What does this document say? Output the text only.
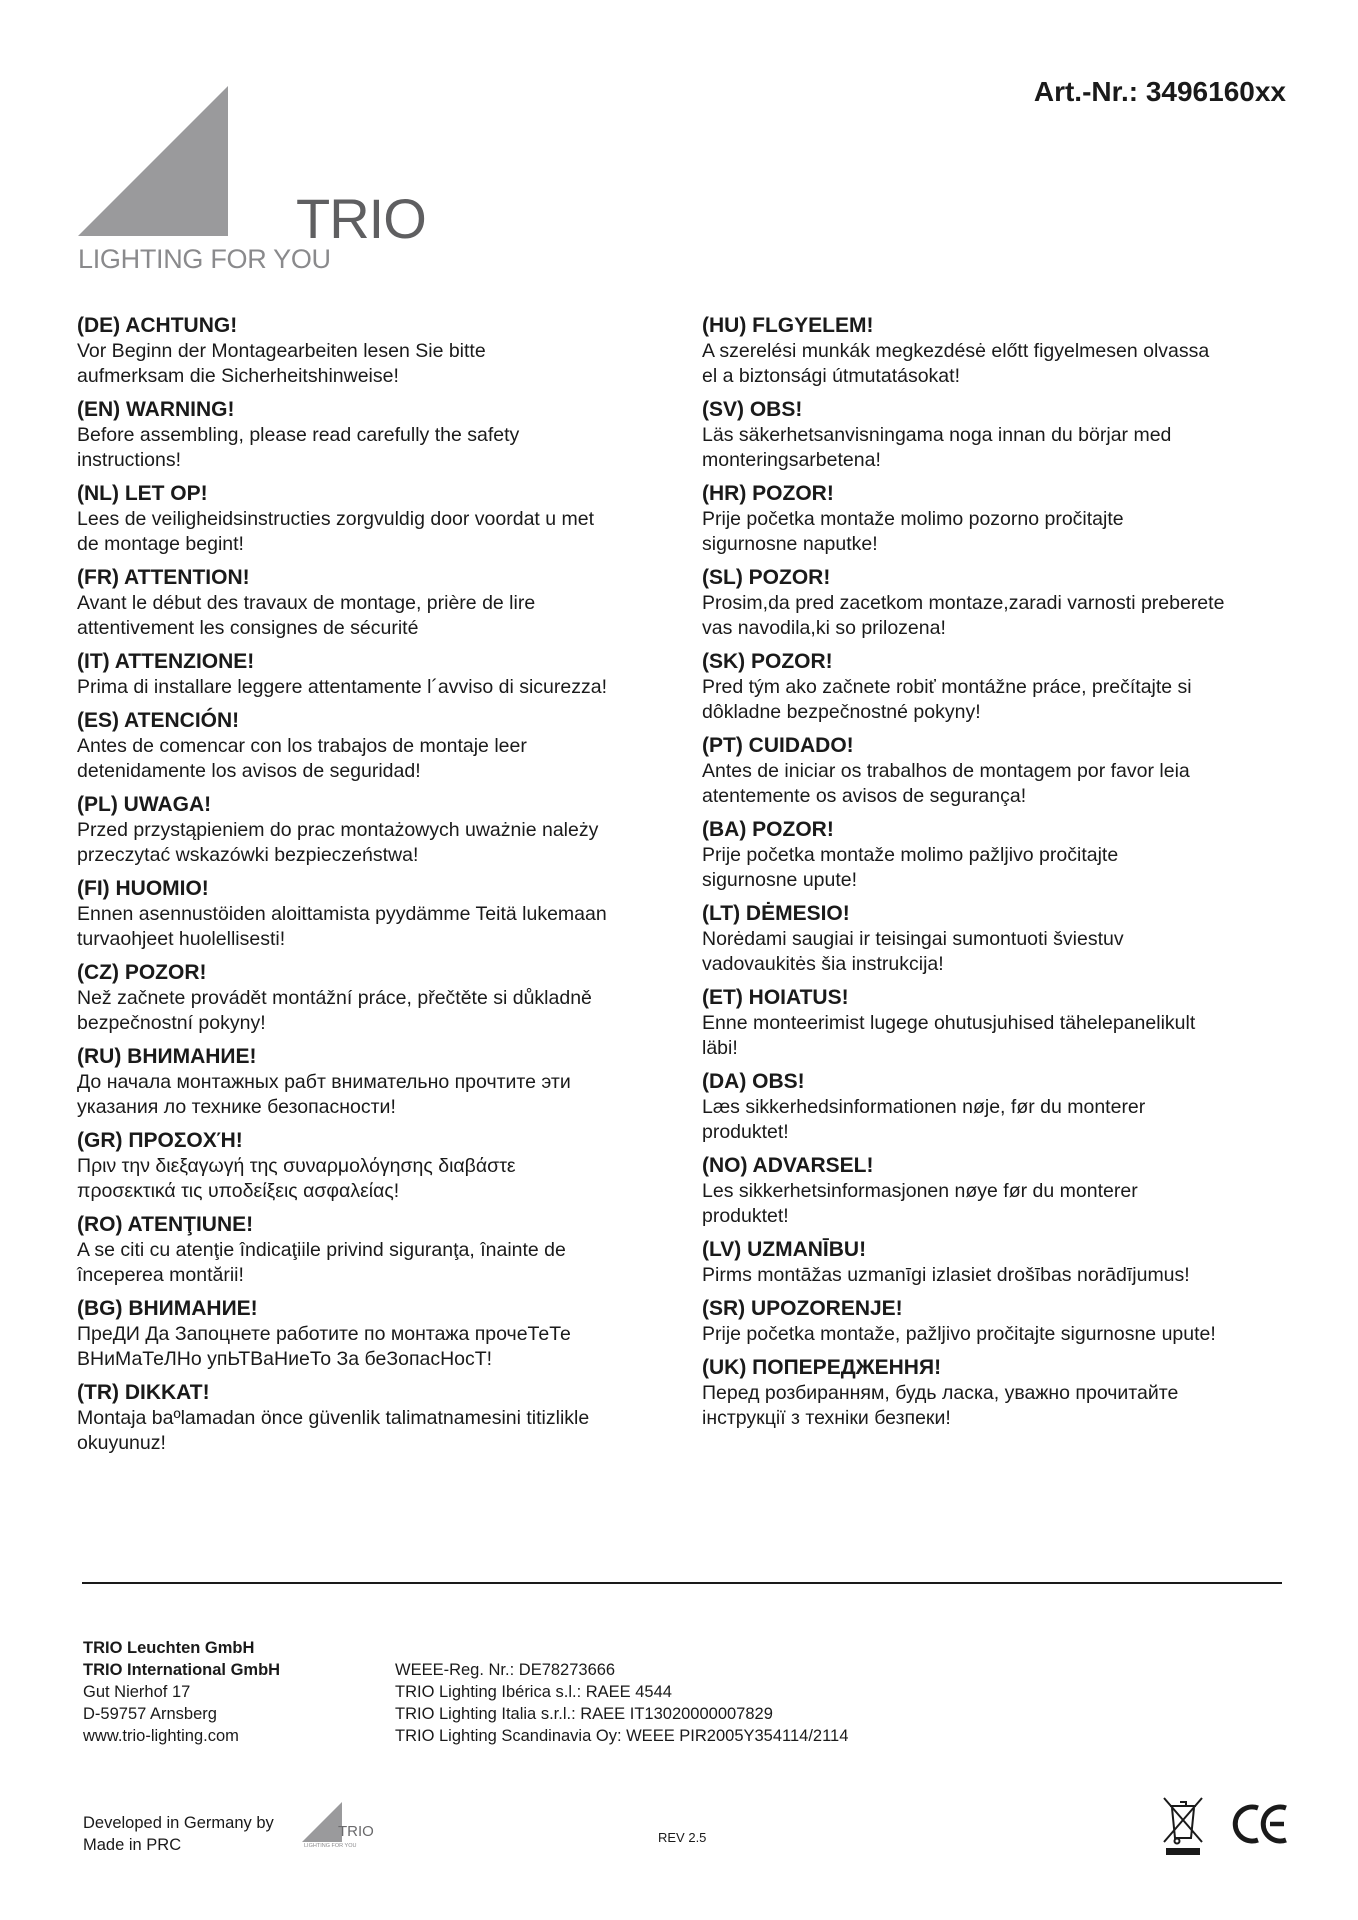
TRIO
LIGHTING FOR YOU
Art.-Nr.: 3496160xx
(DE) ACHTUNG!
Vor Beginn der Montagearbeiten lesen Sie bitte
aufmerksam die Sicherheitshinweise!
(EN) WARNING!
Before assembling, please read carefully the safety
instructions!
(NL) LET OP!
Lees de veiligheidsinstructies zorgvuldig door voordat u met
de montage begint!
(FR) ATTENTION!
Avant le début des travaux de montage, prière de lire
attentivement les consignes de sécurité
(IT) ATTENZIONE!
Prima di installare leggere attentamente l´avviso di sicurezza!
(ES) ATENCIÓN!
Antes de comencar con los trabajos de montaje leer
detenidamente los avisos de seguridad!
(PL) UWAGA!
Przed przystąpieniem do prac montażowych uważnie należy
przeczytać wskazówki bezpieczeństwa!
(FI) HUOMIO!
Ennen asennustöiden aloittamista pyydämme Teitä lukemaan
turvaohjeet huolellisesti!
(CZ) POZOR!
Než začnete provádět montážní práce, přečtěte si důkladně
bezpečnostní pokyny!
(RU) ВНИМАНИЕ!
До начала монтажных рабт внимательно прочтите эти
указания ло технике безопасности!
(GR) ΠΡΟΣΟΧΉ!
Πριν την διεξαγωγή της συναρμολόγησης διαβάστε
προσεκτικά τις υποδείξεις ασφαλείας!
(RO) ATENŢIUNE!
A se citi cu atenţie îndicaţiile privind siguranţa, înainte de
începerea montării!
(BG) ВНИМАНИЕ!
ПреДИ Да Запоцнете работите по монтажа прочеТеТе
ВНиМаТеЛНо упЬТВаНиеТо За беЗопасНосТ!
(TR) DIKKAT!
Montaja baºlamadan önce güvenlik talimatnamesini titizlikle
okuyunuz!
(HU) FLGYELEM!
A szerelési munkák megkezdésė előtt figyelmesen olvassa
el a biztonsági útmutatásokat!
(SV) OBS!
Läs säkerhetsanvisningama noga innan du börjar med
monteringsarbetena!
(HR) POZOR!
Prije početka montaže molimo pozorno pročitajte
sigurnosne naputke!
(SL) POZOR!
Prosim,da pred zacetkom montaze,zaradi varnosti preberete
vas navodila,ki so prilozena!
(SK) POZOR!
Pred tým ako začnete robiť montážne práce, prečítajte si
dôkladne bezpečnostné pokyny!
(PT) CUIDADO!
Antes de iniciar os trabalhos de montagem por favor leia
atentemente os avisos de segurança!
(BA) POZOR!
Prije početka montaže molimo pažljivo pročitajte
sigurnosne upute!
(LT) DĖMESIO!
Norėdami saugiai ir teisingai sumontuoti šviestuv
vadovaukitės šia instrukcija!
(ET) HOIATUS!
Enne monteerimist lugege ohutusjuhised tähelepanelikult
läbi!
(DA) OBS!
Læs sikkerhedsinformationen nøje, før du monterer
produktet!
(NO) ADVARSEL!
Les sikkerhetsinformasjonen nøye før du monterer
produktet!
(LV) UZMANĪBU!
Pirms montāžas uzmanīgi izlasiet drošības norādījumus!
(SR) UPOZORENJE!
Prije početka montaže, pažljivo pročitajte sigurnosne upute!
(UK) ПОПЕРЕДЖЕННЯ!
Перед розбиранням, будь ласка, уважно прочитайте
інструкції з техніки безпеки!
TRIO Leuchten GmbH
TRIO International GmbH
Gut Nierhof 17
D-59757 Arnsberg
www.trio-lighting.com
WEEE-Reg. Nr.: DE78273666
TRIO Lighting Ibérica s.l.: RAEE 4544
TRIO Lighting Italia s.r.l.: RAEE IT13020000007829
TRIO Lighting Scandinavia Oy: WEEE PIR2005Y354114/2114
Developed in Germany by
Made in PRC
TRIO
LIGHTING FOR YOU
REV 2.5
